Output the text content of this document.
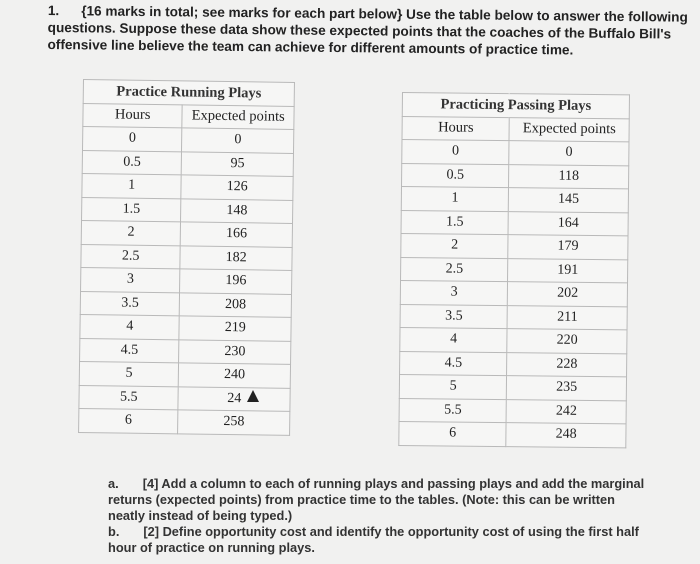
1. {16 marks in total; see marks for each part below} Use the table below to answer the following questions. Suppose these data show these expected points that the coaches of the Buffalo Bill's offensive line believe the team can achieve for different amounts of practice time.
Practice Running Plays	
Hours	Expected points
0	0
0.5	95
1	126
1.5	148
2	166
2.5	182
3	196
3.5	208
4	219
4.5	230
5	240
5.5	24
6	258
Practicing Passing Plays	
Hours	Expected points
0	0
0.5	118
1	145
1.5	164
2	179
2.5	191
3	202
3.5	211
4	220
4.5	228
5	235
5.5	242
6	248
a. [4] Add a column to each of running plays and passing plays and add the marginal returns (expected points) from practice time to the tables. (Note: this can be written neatly instead of being typed.)
b. [2] Define opportunity cost and identify the opportunity cost of using the first half hour of practice on running plays.
